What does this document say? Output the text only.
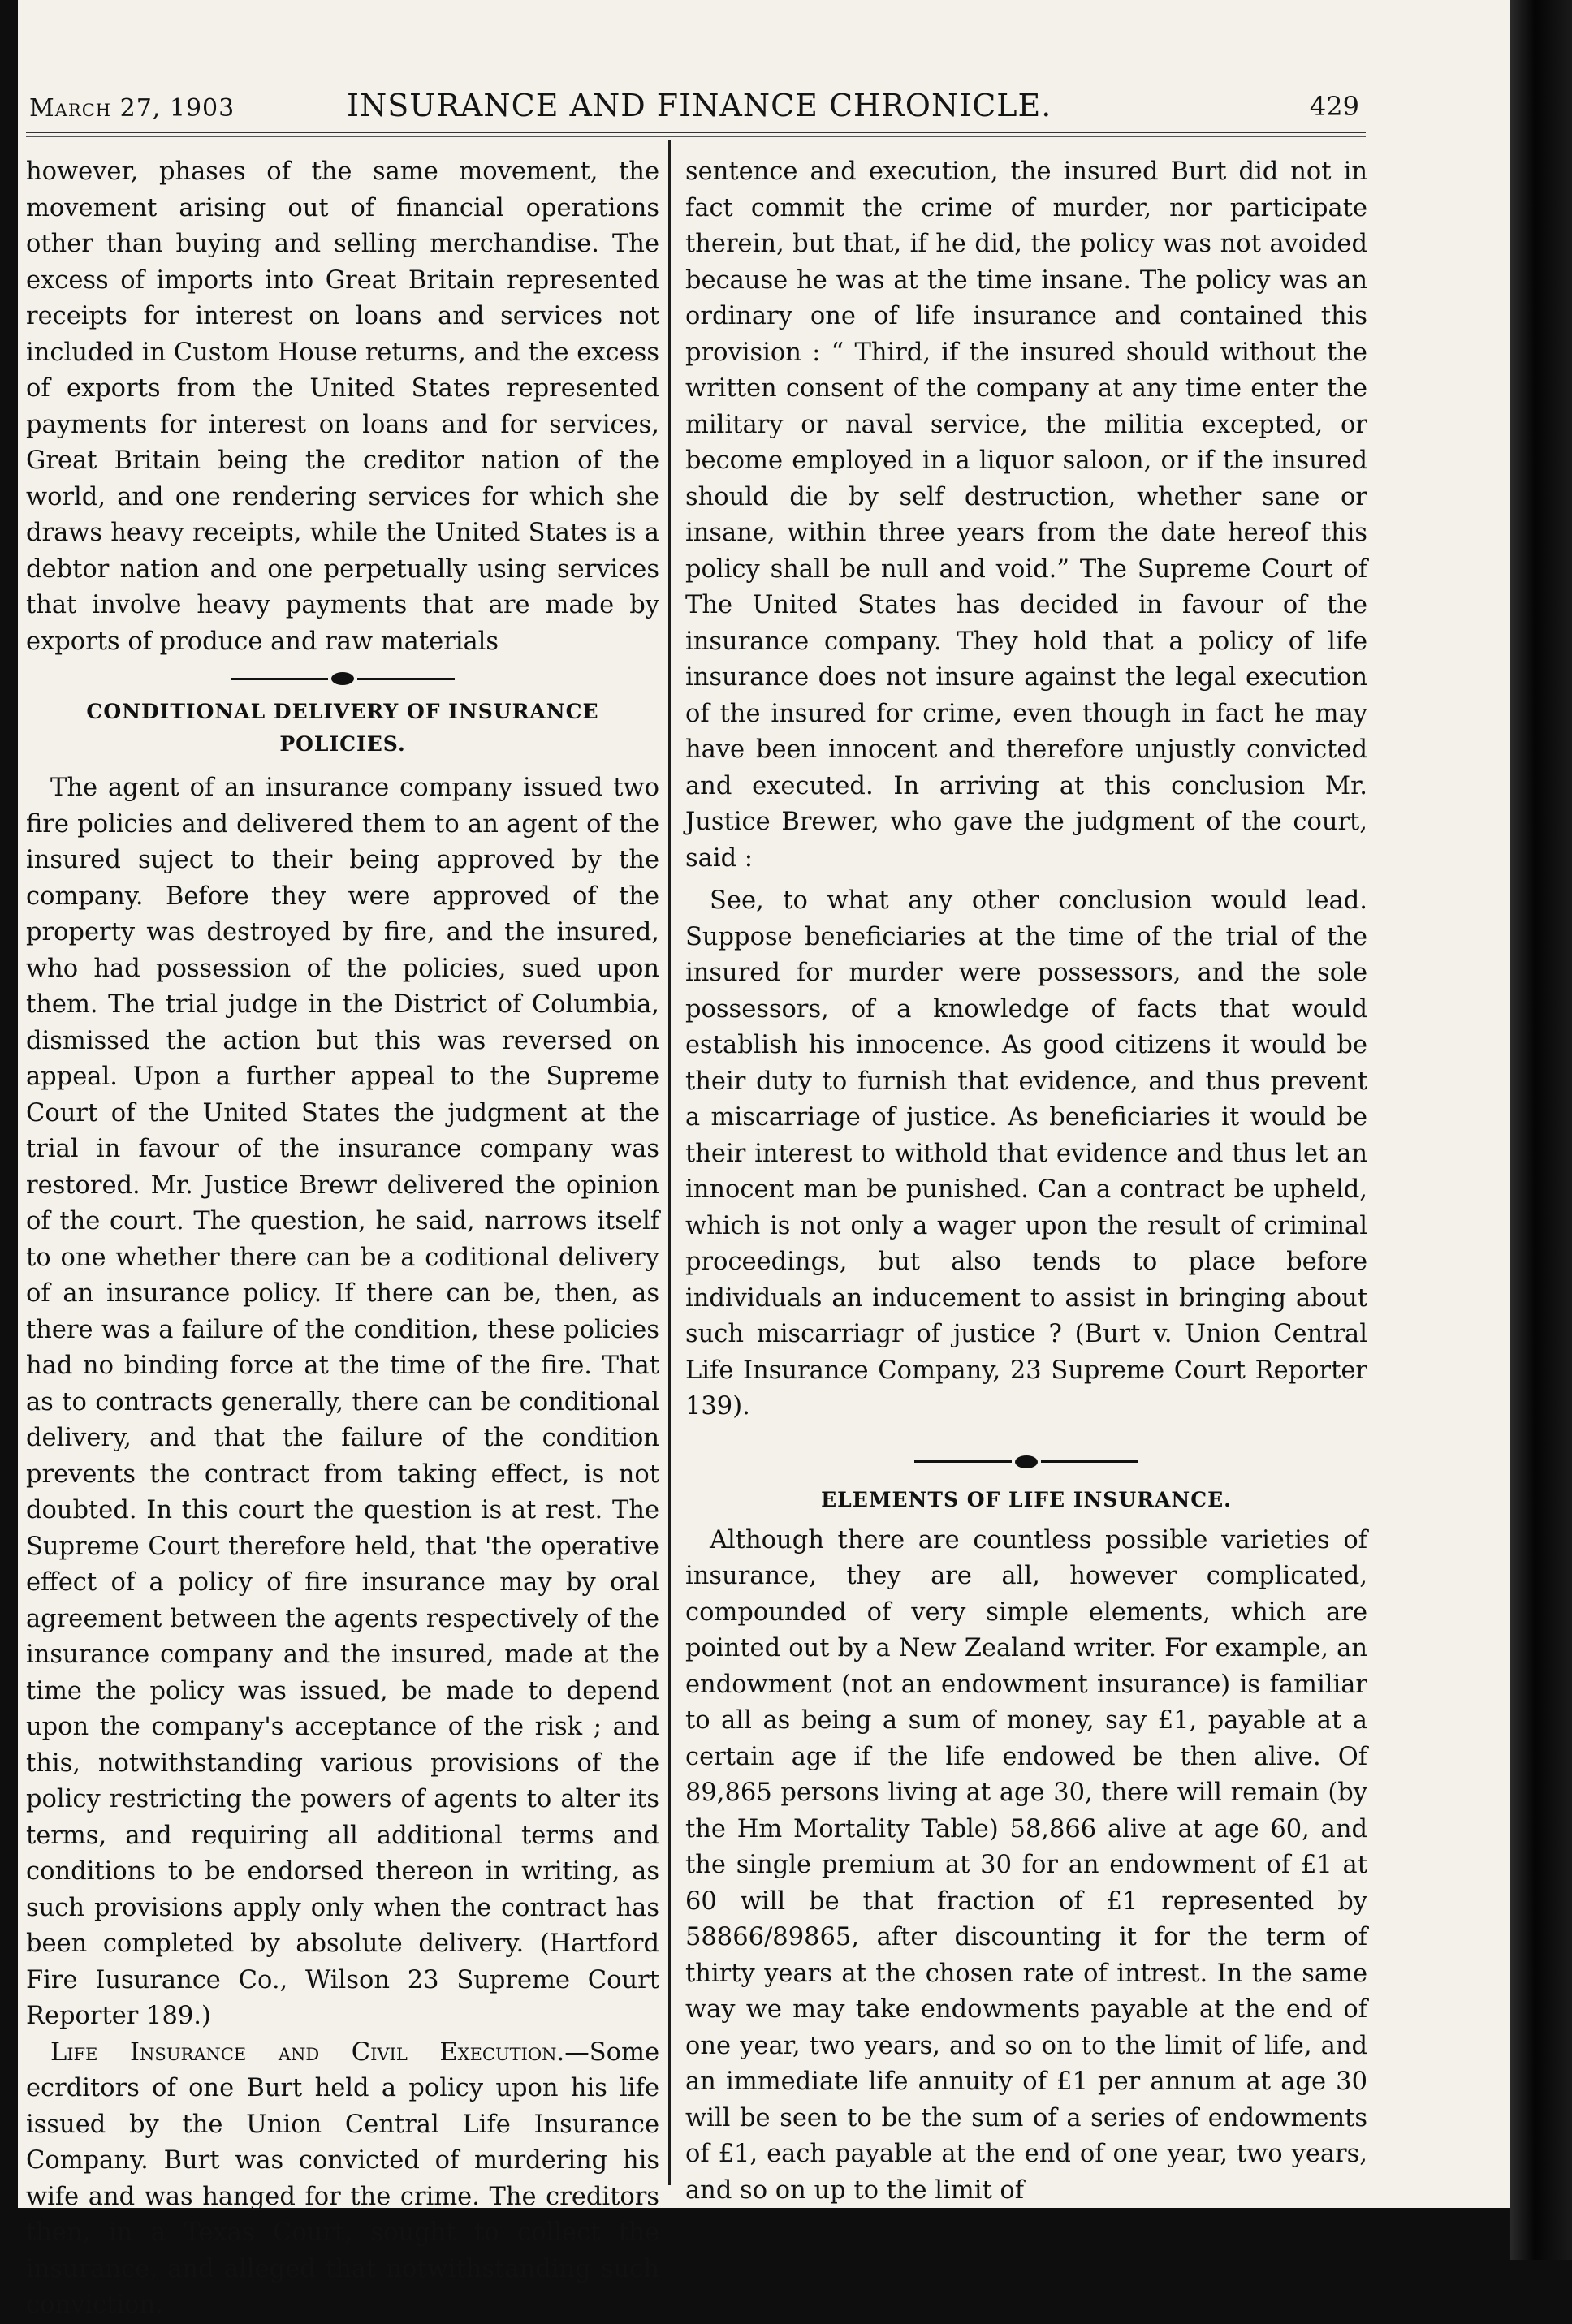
March 27, 1903	INSURANCE AND FINANCE CHRONICLE.	429

however, phases of the same movement, the movement arising out of financial operations other than buying and selling merchandise. The excess of imports into Great Britain represented receipts for interest on loans and services not included in Custom House returns, and the excess of exports from the United States represented payments for interest on loans and for services, Great Britain being the creditor nation of the world, and one rendering services for which she draws heavy receipts, while the United States is a debtor nation and one perpetually using services that involve heavy payments that are made by exports of produce and raw materials

CONDITIONAL DELIVERY OF INSURANCE
POLICIES.

The agent of an insurance company issued two fire policies and delivered them to an agent of the insured suject to their being approved by the company. Before they were approved of the property was destroyed by fire, and the insured, who had possession of the policies, sued upon them. The trial judge in the District of Columbia, dismissed the action but this was reversed on appeal. Upon a further appeal to the Supreme Court of the United States the judgment at the trial in favour of the insurance company was restored. Mr. Justice Brewr delivered the opinion of the court. The question, he said, narrows itself to one whether there can be a coditional delivery of an insurance policy. If there can be, then, as there was a failure of the condition, these policies had no binding force at the time of the fire. That as to contracts generally, there can be conditional delivery, and that the failure of the condition prevents the contract from taking effect, is not doubted. In this court the question is at rest. The Supreme Court therefore held, that 'the operative effect of a policy of fire insurance may by oral agreement between the agents respectively of the insurance company and the insured, made at the time the policy was issued, be made to depend upon the company's acceptance of the risk ; and this, notwithstanding various provisions of the policy restricting the powers of agents to alter its terms, and requiring all additional terms and conditions to be endorsed thereon in writing, as such provisions apply only when the contract has been completed by absolute delivery. (Hartford Fire Iusurance Co., Wilson 23 Supreme Court Reporter 189.)

Life Insurance and Civil Execution.—Some ecrditors of one Burt held a policy upon his life issued by the Union Central Life Insurance Company. Burt was convicted of murdering his wife and was hanged for the crime. The creditors then, in a Texas Court, sought to collect the insurance, and alleged that notwithstanding such conviction,

sentence and execution, the insured Burt did not in fact commit the crime of murder, nor participate therein, but that, if he did, the policy was not avoided because he was at the time insane. The policy was an ordinary one of life insurance and contained this provision : “ Third, if the insured should without the written consent of the company at any time enter the military or naval service, the militia excepted, or become employed in a liquor saloon, or if the insured should die by self destruction, whether sane or insane, within three years from the date hereof this policy shall be null and void.” The Supreme Court of The United States has decided in favour of the insurance company. They hold that a policy of life insurance does not insure against the legal execution of the insured for crime, even though in fact he may have been innocent and therefore unjustly convicted and executed. In arriving at this conclusion Mr. Justice Brewer, who gave the judgment of the court, said :

See, to what any other conclusion would lead. Suppose beneficiaries at the time of the trial of the insured for murder were possessors, and the sole possessors, of a knowledge of facts that would establish his innocence. As good citizens it would be their duty to furnish that evidence, and thus prevent a miscarriage of justice. As beneficiaries it would be their interest to withold that evidence and thus let an innocent man be punished. Can a contract be upheld, which is not only a wager upon the result of criminal proceedings, but also tends to place before individuals an inducement to assist in bringing about such miscarriagr of justice ? (Burt v. Union Central Life Insurance Company, 23 Supreme Court Reporter 139).

ELEMENTS OF LIFE INSURANCE.

Although there are countless possible varieties of insurance, they are all, however complicated, compounded of very simple elements, which are pointed out by a New Zealand writer. For example, an endowment (not an endowment insurance) is familiar to all as being a sum of money, say £1, payable at a certain age if the life endowed be then alive. Of 89,865 persons living at age 30, there will remain (by the Hm Mortality Table) 58,866 alive at age 60, and the single premium at 30 for an endowment of £1 at 60 will be that fraction of £1 represented by 58866/89865, after discounting it for the term of thirty years at the chosen rate of intrest. In the same way we may take endowments payable at the end of one year, two years, and so on to the limit of life, and an immediate life annuity of £1 per annum at age 30 will be seen to be the sum of a series of endowments of £1, each payable at the end of one year, two years, and so on up to the limit of
